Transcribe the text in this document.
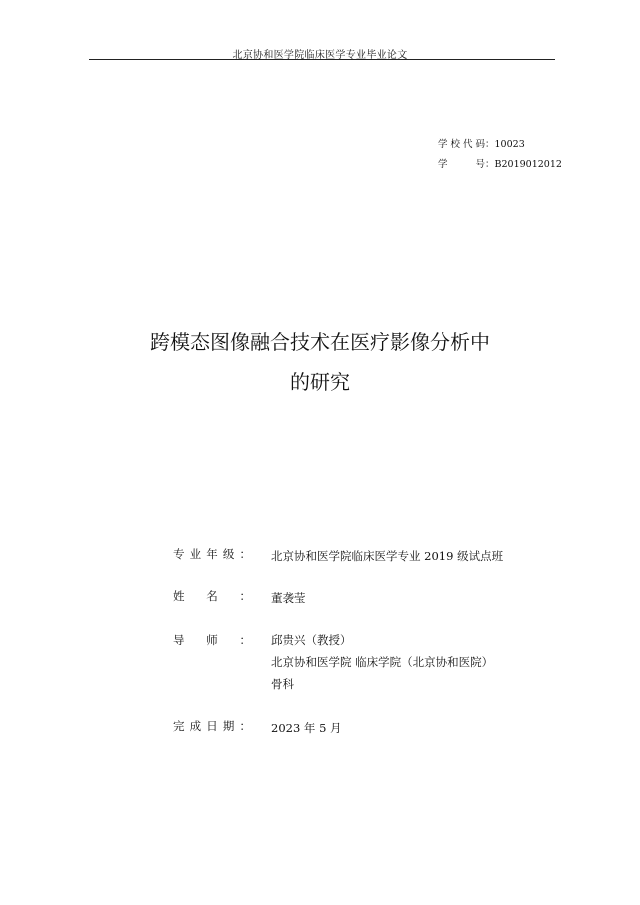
北京协和医学院临床医学专业毕业论文
学 校 代 码 ： 10023
学	号 ： B2019012012
跨模态图像融合技术在医疗影像分析中
的研究
专 业 年 级 ： 北京协和医学院临床医学专业 2019 级试点班
姓 名 ： 董袭莹
导 师 ： 邱贵兴（教授）
北京协和医学院 临床学院（北京协和医院）
骨科
完 成 日 期 ： 2023 年 5 月
